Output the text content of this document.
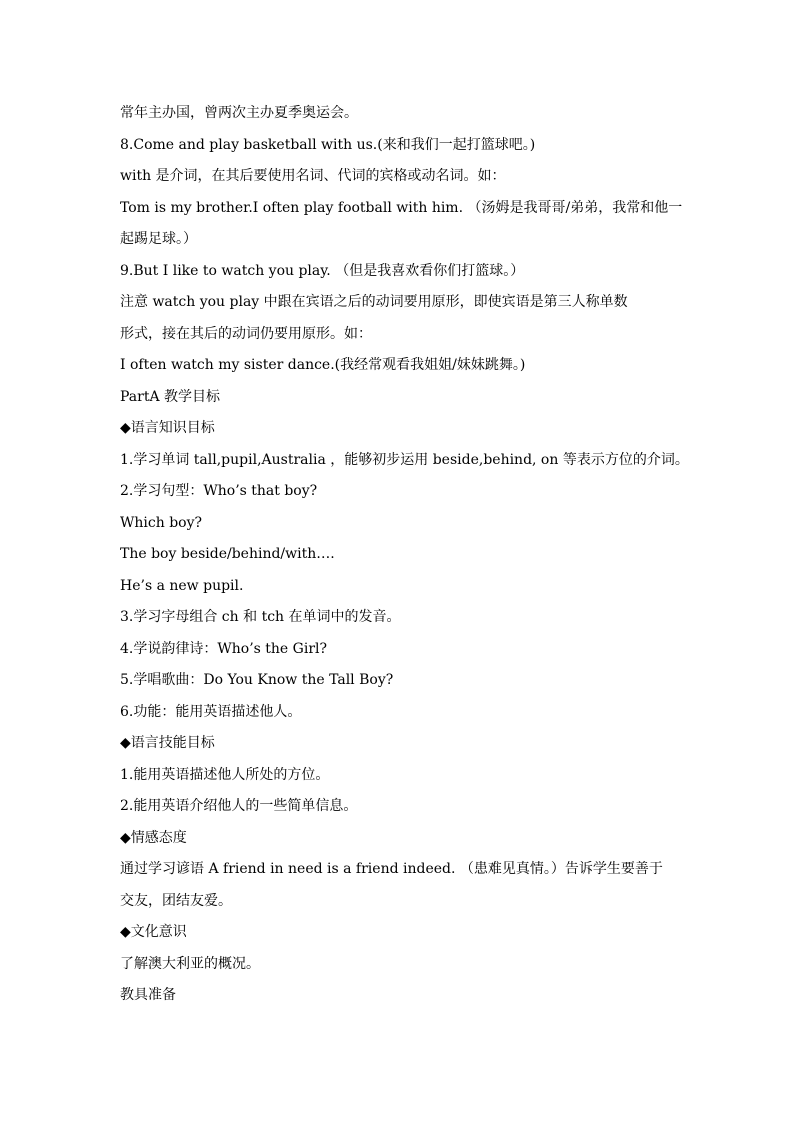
常年主办国，曾两次主办夏季奥运会。
8.Come and play basketball with us.(来和我们一起打篮球吧。)
with 是介词，在其后要使用名词、代词的宾格或动名词。如：
Tom is my brother.I often play football with him. （汤姆是我哥哥/弟弟，我常和他一
起踢足球。）
9.But I like to watch you play. （但是我喜欢看你们打篮球。）
注意 watch you play 中跟在宾语之后的动词要用原形，即使宾语是第三人称单数
形式，接在其后的动词仍要用原形。如：
I often watch my sister dance.(我经常观看我姐姐/妹妹跳舞。)
PartA 教学目标
◆语言知识目标
1.学习单词 tall,pupil,Australia ，能够初步运用 beside,behind, on 等表示方位的介词。
2.学习句型：Who’s that boy?
Which boy?
The boy beside/behind/with….
He’s a new pupil.
3.学习字母组合 ch 和 tch 在单词中的发音。
4.学说韵律诗：Who’s the Girl?
5.学唱歌曲：Do You Know the Tall Boy?
6.功能：能用英语描述他人。
◆语言技能目标
1.能用英语描述他人所处的方位。
2.能用英语介绍他人的一些简单信息。
◆情感态度
通过学习谚语 A friend in need is a friend indeed. （患难见真情。）告诉学生要善于
交友，团结友爱。
◆文化意识
了解澳大利亚的概况。
教具准备
